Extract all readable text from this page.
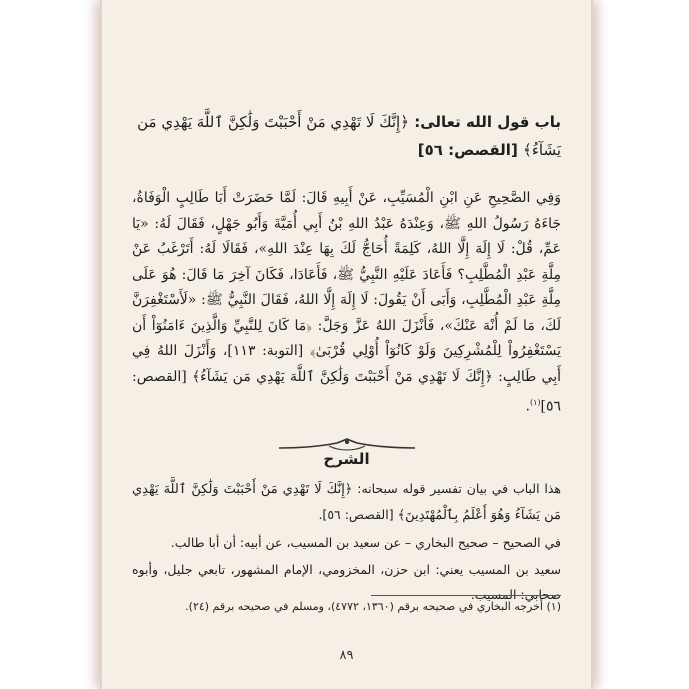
باب قول الله تعالى: ﴿إِنَّكَ لَا تَهْدِي مَنْ أَحْبَبْتَ وَلَٰكِنَّ ٱللَّهَ يَهْدِي مَن يَشَآءُ﴾ [القصص: ٥٦]

وَفِي الصَّحِيحِ عَنِ ابْنِ الْمُسَيِّبِ، عَنْ أَبِيهِ قَالَ: لَمَّا حَضَرَتْ أَبَا طَالِبٍ الْوَفَاةُ، جَاءَهُ رَسُولُ اللهِ ﷺ، وَعِنْدَهُ عَبْدُ اللهِ بْنُ أَبِي أُمَيَّةَ وَأَبُو جَهْلٍ، فَقَالَ لَهُ: «يَا عَمِّ، قُلْ: لَا إِلَهَ إِلَّا اللهُ، كَلِمَةً أُحَاجُّ لَكَ بِهَا عِنْدَ اللهِ»، فَقَالَا لَهُ: أَتَرْغَبُ عَنْ مِلَّةِ عَبْدِ الْمُطَّلِبِ؟ فَأَعَادَ عَلَيْهِ النَّبِيُّ ﷺ، فَأَعَادَا، فَكَانَ آخِرَ مَا قَالَ: هُوَ عَلَى مِلَّةِ عَبْدِ الْمُطَّلِبِ، وَأَبَى أَنْ يَقُولَ: لَا إِلَهَ إِلَّا اللهُ، فَقَالَ النَّبِيُّ ﷺ: «لَأَسْتَغْفِرَنَّ لَكَ، مَا لَمْ أُنْهَ عَنْكَ»، فَأَنْزَلَ اللهُ عَزَّ وَجَلَّ: ﴿مَا كَانَ لِلنَّبِيِّ وَالَّذِينَ ءَامَنُوٓاْ أَن يَسْتَغْفِرُواْ لِلْمُشْرِكِينَ وَلَوْ كَانُوٓاْ أُوْلِي قُرْبَىٰ﴾ [التوبة: ١١٣]، وَأَنْزَلَ اللهُ فِي أَبِي طَالِبٍ: ﴿إِنَّكَ لَا تَهْدِي مَنْ أَحْبَبْتَ وَلَٰكِنَّ ٱللَّهَ يَهْدِي مَن يَشَآءُ﴾ [القصص: ٥٦]$^{(١)}$.

الشرح

هذا الباب في بيان تفسير قوله سبحانه: ﴿إِنَّكَ لَا تَهْدِي مَنْ أَحْبَبْتَ وَلَٰكِنَّ ٱللَّهَ يَهْدِي مَن يَشَآءُ وَهُوَ أَعْلَمُ بِٱلْمُهْتَدِينَ﴾ [القصص: ٥٦].

في الصحيح – صحيح البخاري – عن سعيد بن المسيب، عن أبيه: أن أبا طالب.

سعيد بن المسيب يعني: ابن حزن، المخزومي، الإمام المشهور، تابعي جليل، وأبوه صحابي: المسيب.

(١) أخرجه البخاري في صحيحه برقم (١٣٦٠، ٤٧٧٢)، ومسلم في صحيحه برقم (٢٤).
٨٩
